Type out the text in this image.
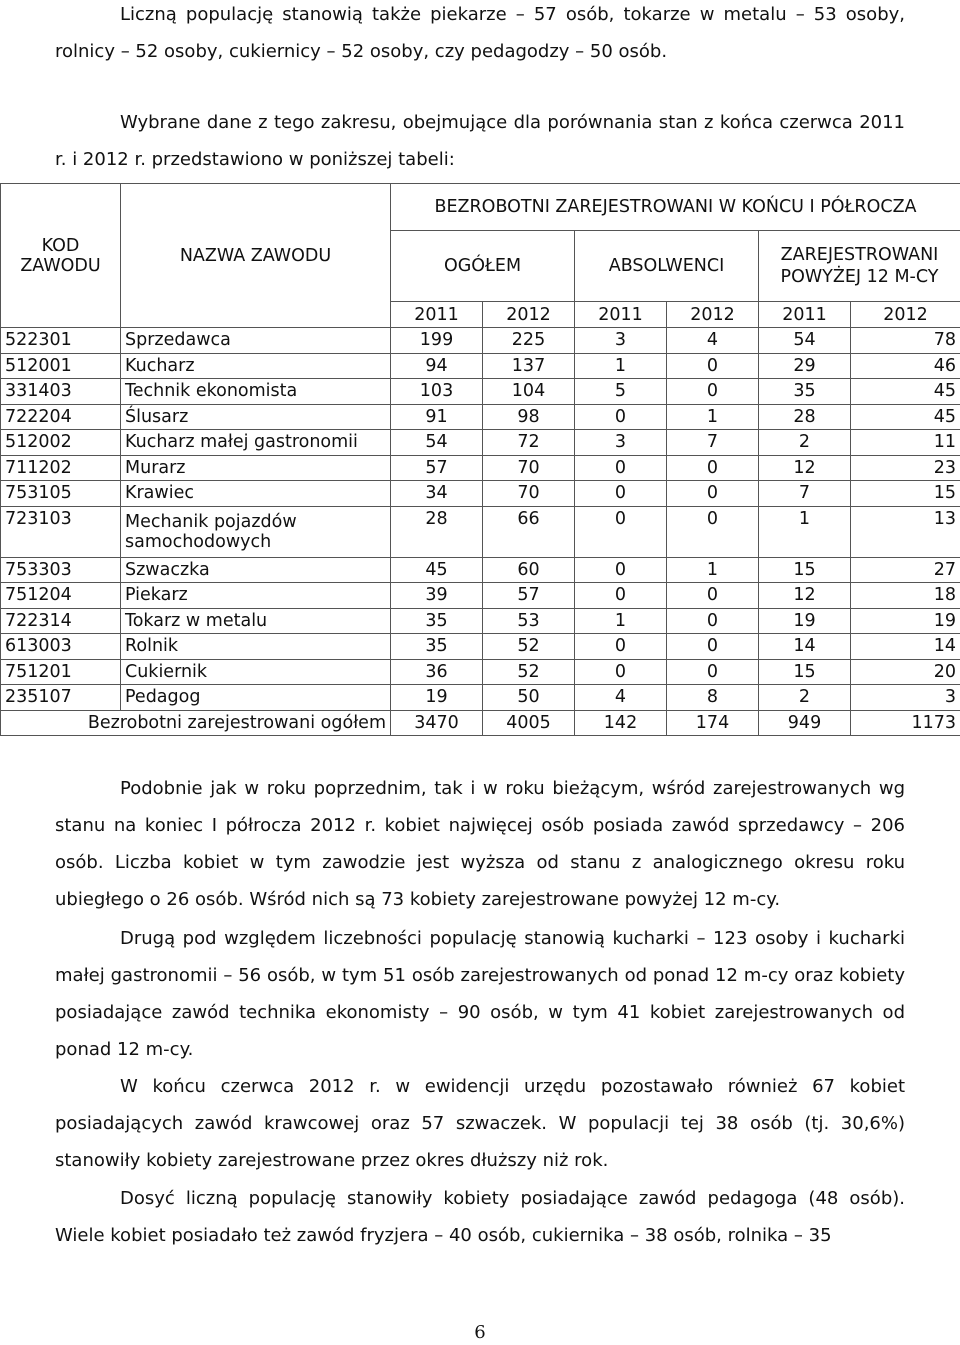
Liczną populację stanowią także piekarze – 57 osób, tokarze w metalu – 53 osoby, rolnicy – 52 osoby, cukiernicy – 52 osoby, czy pedagodzy – 50 osób.

Wybrane dane z tego zakresu, obejmujące dla porównania stan z końca czerwca 2011 r. i 2012 r. przedstawiono w poniższej tabeli:

KOD ZAWODU	NAZWA ZAWODU	BEZROBOTNI ZAREJESTROWANI W KOŃCU I PÓŁROCZA					
		OGÓŁEM		ABSOLWENCI		ZAREJESTROWANI POWYŻEJ 12 M-CY	
		2011	2012	2011	2012	2011	2012
522301	Sprzedawca	199	225	3	4	54	78
512001	Kucharz	94	137	1	0	29	46
331403	Technik ekonomista	103	104	5	0	35	45
722204	Ślusarz	91	98	0	1	28	45
512002	Kucharz małej gastronomii	54	72	3	7	2	11
711202	Murarz	57	70	0	0	12	23
753105	Krawiec	34	70	0	0	7	15
723103	Mechanik pojazdów samochodowych	28	66	0	0	1	13
753303	Szwaczka	45	60	0	1	15	27
751204	Piekarz	39	57	0	0	12	18
722314	Tokarz w metalu	35	53	1	0	19	19
613003	Rolnik	35	52	0	0	14	14
751201	Cukiernik	36	52	0	0	15	20
235107	Pedagog	19	50	4	8	2	3
Bezrobotni zarejestrowani ogółem		3470	4005	142	174	949	1173

Podobnie jak w roku poprzednim, tak i w roku bieżącym, wśród zarejestrowanych wg stanu na koniec I półrocza 2012 r. kobiet najwięcej osób posiada zawód sprzedawcy – 206 osób. Liczba kobiet w tym zawodzie jest wyższa od stanu z analogicznego okresu roku ubiegłego o 26 osób. Wśród nich są 73 kobiety zarejestrowane powyżej 12 m-cy.

Drugą pod względem liczebności populację stanowią kucharki – 123 osoby i kucharki małej gastronomii – 56 osób, w tym 51 osób zarejestrowanych od ponad 12 m-cy oraz kobiety posiadające zawód technika ekonomisty – 90 osób, w tym 41 kobiet zarejestrowanych od ponad 12 m-cy.

W końcu czerwca 2012 r. w ewidencji urzędu pozostawało również 67 kobiet posiadających zawód krawcowej oraz 57 szwaczek. W populacji tej 38 osób (tj. 30,6%) stanowiły kobiety zarejestrowane przez okres dłuższy niż rok.

Dosyć liczną populację stanowiły kobiety posiadające zawód pedagoga (48 osób). Wiele kobiet posiadało też zawód fryzjera – 40 osób, cukiernika – 38 osób, rolnika – 35

6
